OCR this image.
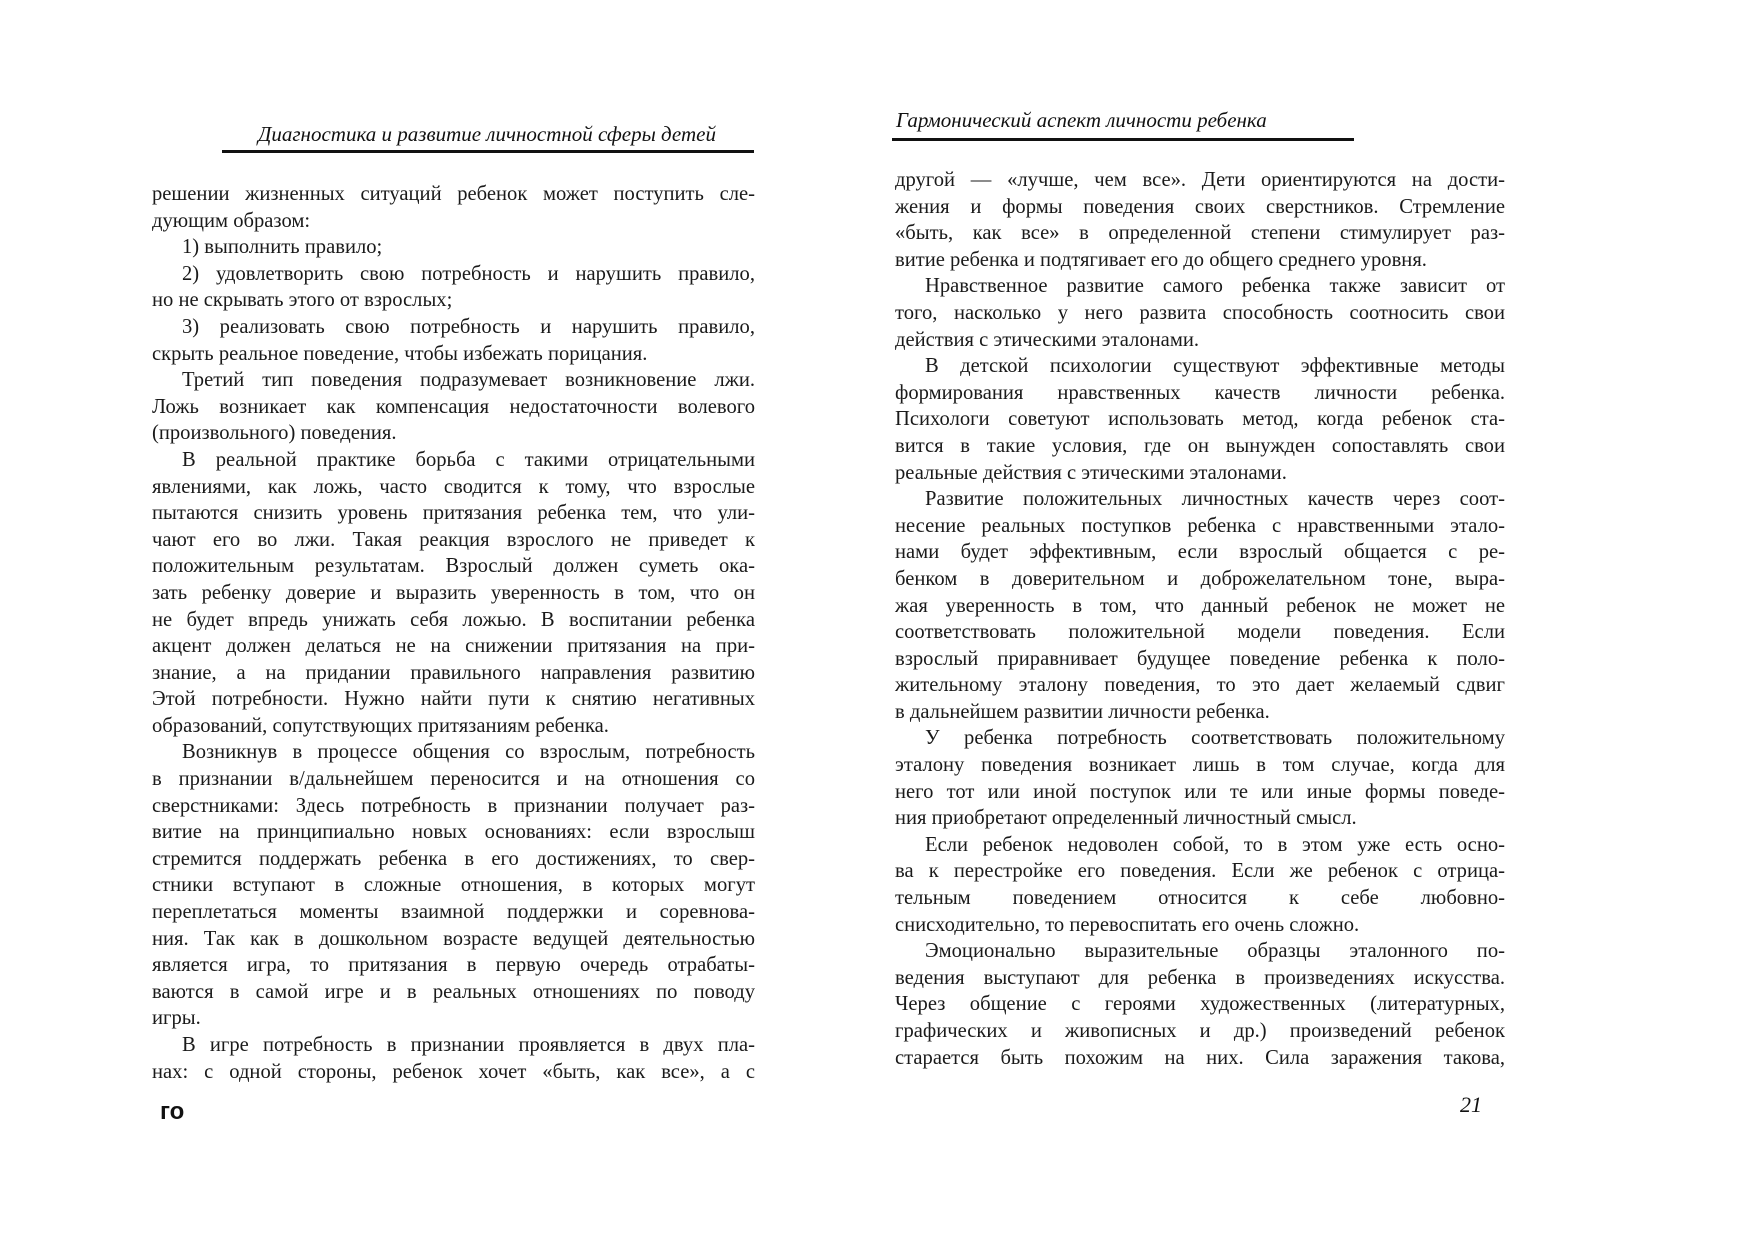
Диагностика и развитие личностной сферы детей
решении жизненных ситуаций ребенок может поступить сле-
дующим образом:
1) выполнить правило;
2) удовлетворить свою потребность и нарушить правило,
но не скрывать этого от взрослых;
3) реализовать свою потребность и нарушить правило,
скрыть реальное поведение, чтобы избежать порицания.
Третий тип поведения подразумевает возникновение лжи.
Ложь возникает как компенсация недостаточности волевого
(произвольного) поведения.
В реальной практике борьба с такими отрицательными
явлениями, как ложь, часто сводится к тому, что взрослые
пытаются снизить уровень притязания ребенка тем, что ули-
чают его во лжи. Такая реакция взрослого не приведет к
положительным результатам. Взрослый должен суметь ока-
зать ребенку доверие и выразить уверенность в том, что он
не будет впредь унижать себя ложью. В воспитании ребенка
акцент должен делаться не на снижении притязания на при-
знание, а на придании правильного направления развитию
Этой потребности. Нужно найти пути к снятию негативных
образований, сопутствующих притязаниям ребенка.
Возникнув в процессе общения со взрослым, потребность
в признании в/дальнейшем переносится и на отношения со
сверстниками: Здесь потребность в признании получает раз-
витие на принципиально новых основаниях: если взрослыш
стремится поддержать ребенка в его достижениях, то свер-
стники вступают в сложные отношения, в которых могут
переплетаться моменты взаимной поддержки и соревнова-
ния. Так как в дошкольном возрасте ведущей деятельностью
является игра, то притязания в первую очередь отрабаты-
ваются в самой игре и в реальных отношениях по поводу
игры.
В игре потребность в признании проявляется в двух пла-
нах: с одной стороны, ребенок хочет «быть, как все», а с
го
Гармонический аспект личности ребенка
другой — «лучше, чем все». Дети ориентируются на дости-
жения и формы поведения своих сверстников. Стремление
«быть, как все» в определенной степени стимулирует раз-
витие ребенка и подтягивает его до общего среднего уровня.
Нравственное развитие самого ребенка также зависит от
того, насколько у него развита способность соотносить свои
действия с этическими эталонами.
В детской психологии существуют эффективные методы
формирования нравственных качеств личности ребенка.
Психологи советуют использовать метод, когда ребенок ста-
вится в такие условия, где он вынужден сопоставлять свои
реальные действия с этическими эталонами.
Развитие положительных личностных качеств через соот-
несение реальных поступков ребенка с нравственными этало-
нами будет эффективным, если взрослый общается с ре-
бенком в доверительном и доброжелательном тоне, выра-
жая уверенность в том, что данный ребенок не может не
соответствовать положительной модели поведения. Если
взрослый приравнивает будущее поведение ребенка к поло-
жительному эталону поведения, то это дает желаемый сдвиг
в дальнейшем развитии личности ребенка.
У ребенка потребность соответствовать положительному
эталону поведения возникает лишь в том случае, когда для
него тот или иной поступок или те или иные формы поведе-
ния приобретают определенный личностный смысл.
Если ребенок недоволен собой, то в этом уже есть осно-
ва к перестройке его поведения. Если же ребенок с отрица-
тельным поведением относится к себе любовно-
снисходительно, то перевоспитать его очень сложно.
Эмоционально выразительные образцы эталонного по-
ведения выступают для ребенка в произведениях искусства.
Через общение с героями художественных (литературных,
графических и живописных и др.) произведений ребенок
старается быть похожим на них. Сила заражения такова,
21
